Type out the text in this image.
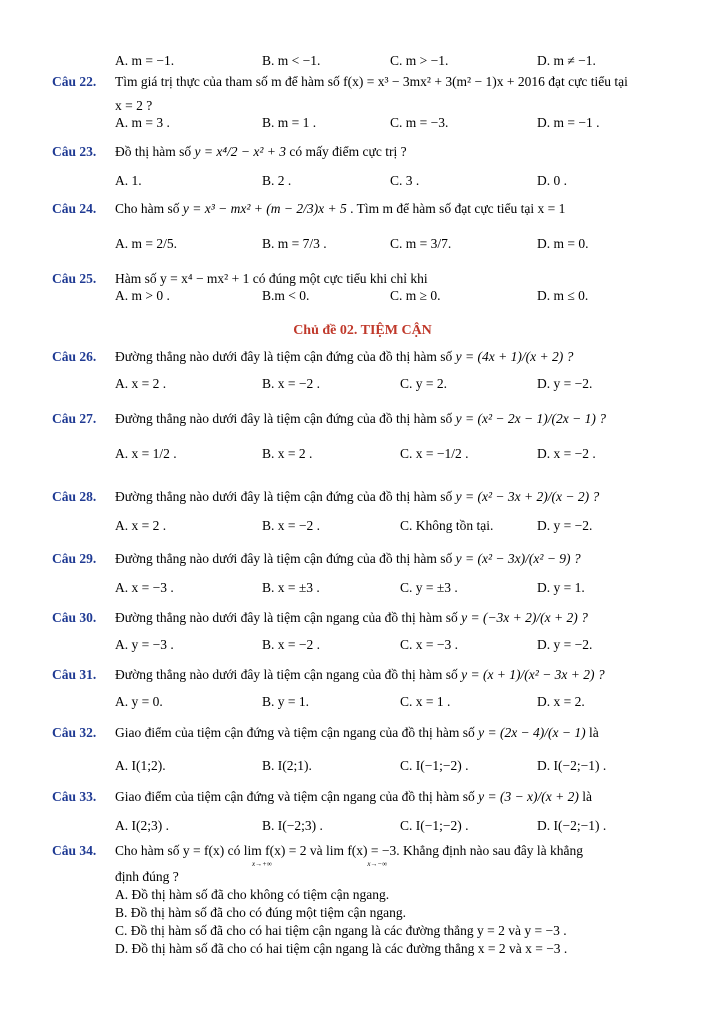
A. m = −1.	B. m < −1.	C. m > −1.	D. m ≠ −1.
Câu 22.	Tìm giá trị thực của tham số m để hàm số f(x) = x³ − 3mx² + 3(m² − 1)x + 2016 đạt cực tiểu tại
x = 2 ?
A. m = 3 .	B. m = 1 .	C. m = −3.	D. m = −1 .
Câu 23.	Đồ thị hàm số y = x⁴/2 − x² + 3 có mấy điểm cực trị ?
A. 1.	B. 2 .	C. 3 .	D. 0 .
Câu 24.	Cho hàm số y = x³ − mx² + (m − 2/3)x + 5 . Tìm m để hàm số đạt cực tiểu tại x = 1
A. m = 2/5.	B. m = 7/3 .	C. m = 3/7.	D. m = 0.
Câu 25.	Hàm số y = x⁴ − mx² + 1 có đúng một cực tiểu khi chỉ khi
A. m > 0 .	B.m < 0.	C. m ≥ 0.	D. m ≤ 0.
Chủ đề 02. TIỆM CẬN
Câu 26.	Đường thẳng nào dưới đây là tiệm cận đứng của đồ thị hàm số y = (4x + 1)/(x + 2) ?
A. x = 2 .	B. x = −2 .	C. y = 2.	D. y = −2.
Câu 27.	Đường thẳng nào dưới đây là tiệm cận đứng của đồ thị hàm số y = (x² − 2x − 1)/(2x − 1) ?
A. x = 1/2 .	B. x = 2 .	C. x = −1/2 .	D. x = −2 .
Câu 28.	Đường thẳng nào dưới đây là tiệm cận đứng của đồ thị hàm số y = (x² − 3x + 2)/(x − 2) ?
A. x = 2 .	B. x = −2 .	C. Không tồn tại.	D. y = −2.
Câu 29.	Đường thẳng nào dưới đây là tiệm cận đứng của đồ thị hàm số y = (x² − 3x)/(x² − 9) ?
A. x = −3 .	B. x = ±3 .	C. y = ±3 .	D. y = 1.
Câu 30.	Đường thẳng nào dưới đây là tiệm cận ngang của đồ thị hàm số y = (−3x + 2)/(x + 2) ?
A. y = −3 .	B. x = −2 .	C. x = −3 .	D. y = −2.
Câu 31.	Đường thẳng nào dưới đây là tiệm cận ngang của đồ thị hàm số y = (x + 1)/(x² − 3x + 2) ?
A. y = 0.	B. y = 1.	C. x = 1 .	D. x = 2.
Câu 32.	Giao điểm của tiệm cận đứng và tiệm cận ngang của đồ thị hàm số y = (2x − 4)/(x − 1) là
A. I(1;2).	B. I(2;1).	C. I(−1;−2) .	D. I(−2;−1) .
Câu 33.	Giao điểm của tiệm cận đứng và tiệm cận ngang của đồ thị hàm số y = (3 − x)/(x + 2) là
A. I(2;3) .	B. I(−2;3) .	C. I(−1;−2) .	D. I(−2;−1) .
Câu 34.	Cho hàm số y = f(x) có lim f(x) = 2 và lim f(x) = −3. Khẳng định nào sau đây là khẳng
x→+∞	x→−∞
định đúng ?
A. Đồ thị hàm số đã cho không có tiệm cận ngang.
B. Đồ thị hàm số đã cho có đúng một tiệm cận ngang.
C. Đồ thị hàm số đã cho có hai tiệm cận ngang là các đường thẳng y = 2 và y = −3 .
D. Đồ thị hàm số đã cho có hai tiệm cận ngang là các đường thẳng x = 2 và x = −3 .
